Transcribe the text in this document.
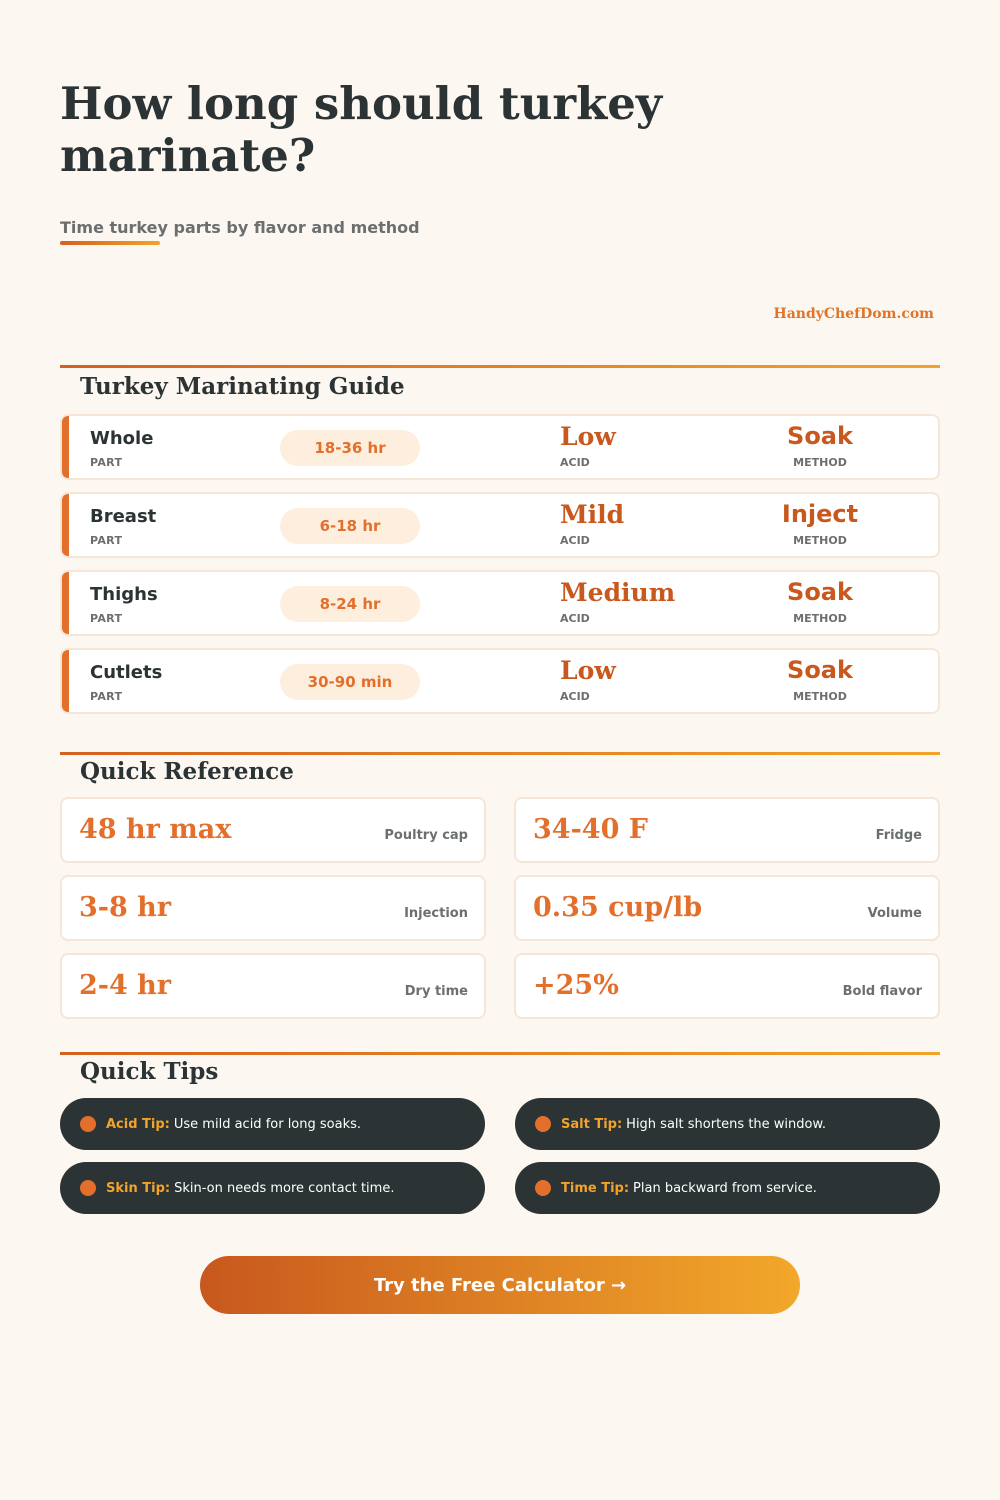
How long should turkey marinate?
Time turkey parts by flavor and method
HandyChefDom.com
Turkey Marinating Guide
Whole
PART
18-36 hr	Low
ACID
Soak
METHOD
Breast
PART
6-18 hr	Mild
ACID
Inject
METHOD
Thighs
PART
8-24 hr	Medium
ACID
Soak
METHOD
Cutlets
PART
30-90 min	Low
ACID
Soak
METHOD
Quick Reference
48 hr max	Poultry cap 34-40 F	Fridge
3-8 hr	Injection 0.35 cup/lb	Volume
2-4 hr	Dry time +25%	Bold flavor
Quick Tips
Acid Tip: Use mild acid for long soaks.	Salt Tip: High salt shortens the window.
Skin Tip: Skin-on needs more contact time.	Time Tip: Plan backward from service.
Try the Free Calculator →
